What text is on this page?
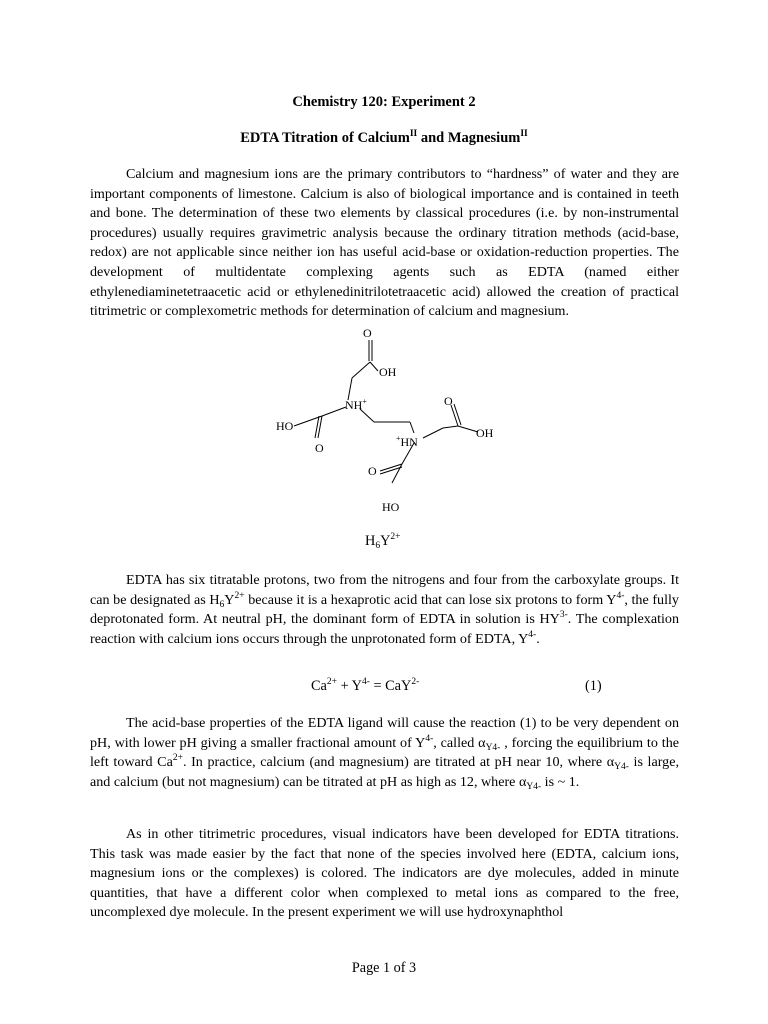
Chemistry 120: Experiment 2
EDTA Titration of Calcium$^{II}$ and Magnesium$^{II}$

Calcium and magnesium ions are the primary contributors to “hardness” of water and they are important components of limestone. Calcium is also of biological importance and is contained in teeth and bone. The determination of these two elements by classical procedures (i.e. by non-instrumental procedures) usually requires gravimetric analysis because the ordinary titration methods (acid-base, redox) are not applicable since neither ion has useful acid-base or oxidation-reduction properties. The development of multidentate complexing agents such as EDTA (named either ethylenediaminetetraacetic acid or ethylenedinitrilotetraacetic acid) allowed the creation of practical titrimetric or complexometric methods for determination of calcium and magnesium.

O
OH
NH+
HO
O
O
OH
+HN
O
HO
$H_6Y^{2+}$

EDTA has six titratable protons, two from the nitrogens and four from the carboxylate groups. It can be designated as $H_6Y^{2+}$ because it is a hexaprotic acid that can lose six protons to form $Y^{4-}$, the fully deprotonated form. At neutral pH, the dominant form of EDTA in solution is $HY^{3-}$. The complexation reaction with calcium ions occurs through the unprotonated form of EDTA, $Y^{4-}$.

$Ca^{2+} + Y^{4-} = CaY^{2-}$	(1)

The acid-base properties of the EDTA ligand will cause the reaction (1) to be very dependent on pH, with lower pH giving a smaller fractional amount of $Y^{4-}$, called $\alpha_{Y4-}$ , forcing the equilibrium to the left toward $Ca^{2+}$. In practice, calcium (and magnesium) are titrated at pH near 10, where $\alpha_{Y4-}$ is large, and calcium (but not magnesium) can be titrated at pH as high as 12, where $\alpha_{Y4-}$ is ~ 1.

As in other titrimetric procedures, visual indicators have been developed for EDTA titrations. This task was made easier by the fact that none of the species involved here (EDTA, calcium ions, magnesium ions or the complexes) is colored. The indicators are dye molecules, added in minute quantities, that have a different color when complexed to metal ions as compared to the free, uncomplexed dye molecule. In the present experiment we will use hydroxynaphthol

Page 1 of 3
